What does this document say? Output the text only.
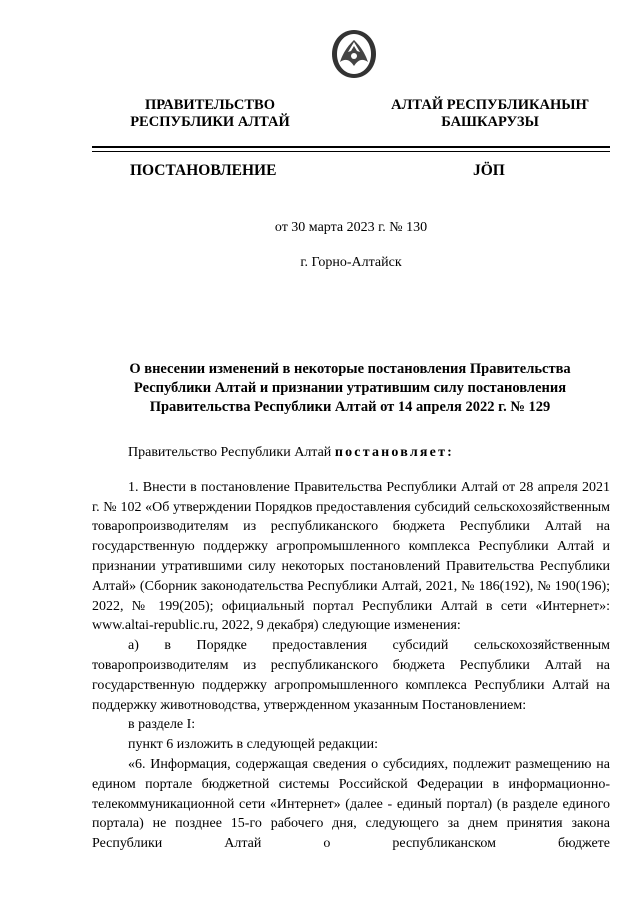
ПРАВИТЕЛЬСТВО
РЕСПУБЛИКИ АЛТАЙ
АЛТАЙ РЕСПУБЛИКАНЫҤ
БАШКАРУЗЫ
ПОСТАНОВЛЕНИЕ	JÖП
от 30 марта 2023 г. № 130
г. Горно-Алтайск
О внесении изменений в некоторые постановления Правительства
Республики Алтай и признании утратившим силу постановления
Правительства Республики Алтай от 14 апреля 2022 г. № 129

Правительство Республики Алтай постановляет:

1. Внести в постановление Правительства Республики Алтай от 28 апреля 2021 г. № 102 «Об утверждении Порядков предоставления субсидий сельскохозяйственным товаропроизводителям из республиканского бюджета Республики Алтай на государственную поддержку агропромышленного комплекса Республики Алтай и признании утратившими силу некоторых постановлений Правительства Республики Алтай» (Сборник законодательства Республики Алтай, 2021, № 186(192), № 190(196); 2022, № 199(205); официальный портал Республики Алтай в сети «Интернет»: www.altai-republic.ru, 2022, 9 декабря) следующие изменения:

а) в Порядке предоставления субсидий сельскохозяйственным товаропроизводителям из республиканского бюджета Республики Алтай на государственную поддержку агропромышленного комплекса Республики Алтай на поддержку животноводства, утвержденном указанным Постановлением:

в разделе I:

пункт 6 изложить в следующей редакции:

«6. Информация, содержащая сведения о субсидиях, подлежит размещению на едином портале бюджетной системы Российской Федерации в информационно-телекоммуникационной сети «Интернет» (далее - единый портал) (в разделе единого портала) не позднее 15-го рабочего дня, следующего за днем принятия закона Республики Алтай о республиканском бюджете
